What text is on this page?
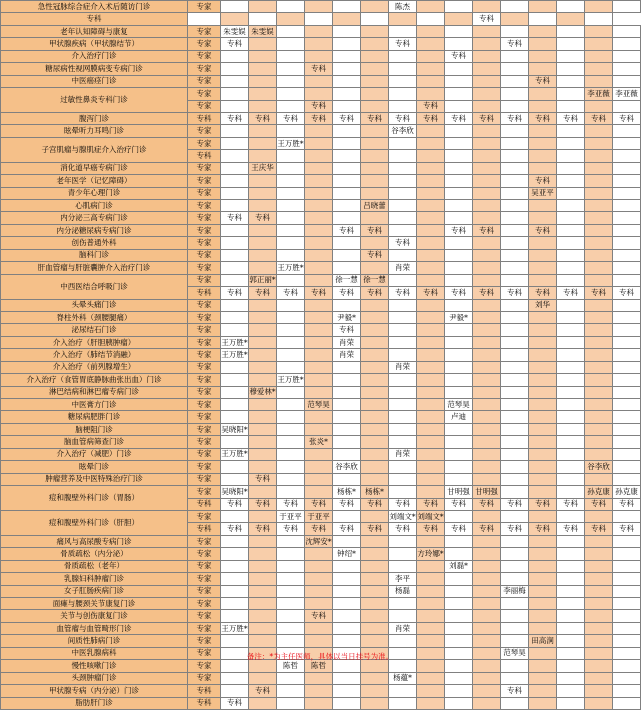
急性冠脉综合症介入术后随访门诊	专家							陈杰								
专科											专科					
老年认知障碍与康复	专家	朱雯娱	朱雯娱													
甲状腺疾病（甲状腺结节）	专家	专科						专科				专科				
介入治疗门诊	专家									专科						
糖尿病性视网膜病变专病门诊	专家				专科											
中医癌痉门诊	专家												专科			
过敏性鼻炎专科门诊	专家														李亚薇	李亚薇
	专家				专科				专科							
腹泻门诊	专科	专科	专科	专科	专科	专科	专科	专科	专科	专科	专科	专科	专科	专科	专科	专科
眩晕听力耳鸣门诊	专家							谷李欣								
子宫肌瘤与腺肌症介入治疗门诊	专家			王万胜*												
	专科															
消化道早癌专病门诊	专家		王庆华													
老年医学（记忆障碍）	专家												专科			
青少年心理门诊	专家												吴亚平			
心肌病门诊	专家						吕晓蕾									
内分泌三高专病门诊	专家	专科	专科													
内分泌糖尿病专病门诊	专家					专科	专科			专科	专科		专科			
创伤普通外科	专家							专科								
脑科门诊	专家						专科									
肝血管瘤与肝脏囊肿介入治疗门诊	专家			王万胜*				肖荣								
中西医结合呼吸门诊	专家		郭正丽*			徐一慧	徐一慧									
	专科	专科	专科	专科	专科	专科	专科	专科	专科	专科	专科	专科	专科	专科	专科	专科
头晕头痛门诊	专家												刘华			
脊柱外科（颈腰腿痛）	专家					尹毅*				尹毅*						
泌尿结石门诊	专家					专科										
介入治疗（肝胆胰肿瘤）	专家	王万胜*				肖荣										
介入治疗（肺结节消融）	专家	王万胜*				肖荣										
介入治疗（前列腺增生）	专家							肖荣								
介入治疗（食管胃底静脉曲张出血）门诊	专家			王万胜*												
淋巴结病和淋巴瘤专病门诊	专家		穆爱林*													
中医膏方门诊	专家				范琴昊					范琴昊						
糖尿病肥胖门诊	专家									卢迪						
脑梗阻门诊	专家	吴晓阳*														
脑血管病筛查门诊	专家				张炎*											
介入治疗（减肥）门诊	专家	王万胜*						肖荣								
眩晕门诊	专家					谷李欣									谷李欣	
肿瘤营养及中医特殊治疗门诊	专家		专科													
痘和腹壁外科门诊（胃肠）	专家	吴晓阳*				杨栋*	杨栋*			甘明强	甘明强				孙克康	孙克康
	专科	专科	专科	专科	专科	专科	专科	专科	专科	专科	专科	专科	专科	专科	专科	专科
痘和腹壁外科门诊（肝胆）	专家			于亚平	于亚平			刘端文*	刘端文*							
	专科	专科	专科	专科	专科	专科	专科	专科	专科	专科	专科	专科	专科	专科	专科	专科
痛风与高尿酸专病门诊	专家				沈辉安*											
骨质疏松（内分泌）	专家					钟绍*			方玲娜*							
骨质疏松（老年）	专家									刘磊*						
乳腺妇科肿瘤门诊	专家							李平								
女子肛肠疾病门诊	专家							杨磊				李丽梅				
面瘫与腰颈关节康复门诊	专家															
关节与创伤康复门诊	专家				专科											
血管瘤与血管畸形门诊	专家	王万胜*						肖荣								
间质性肺病门诊	专家												田高涧			
中医乳腺病科	专家											范琴昊				
慢性咳嗽门诊	专家			陈哲	陈哲											
头颈肿瘤门诊	专家							杨蕴*								
甲状腺专病（内分泌）门诊	专科		专科									专科				
脂肪肝门诊	专科	专科														
备注：*为主任医师，具体以当日挂号为准。
